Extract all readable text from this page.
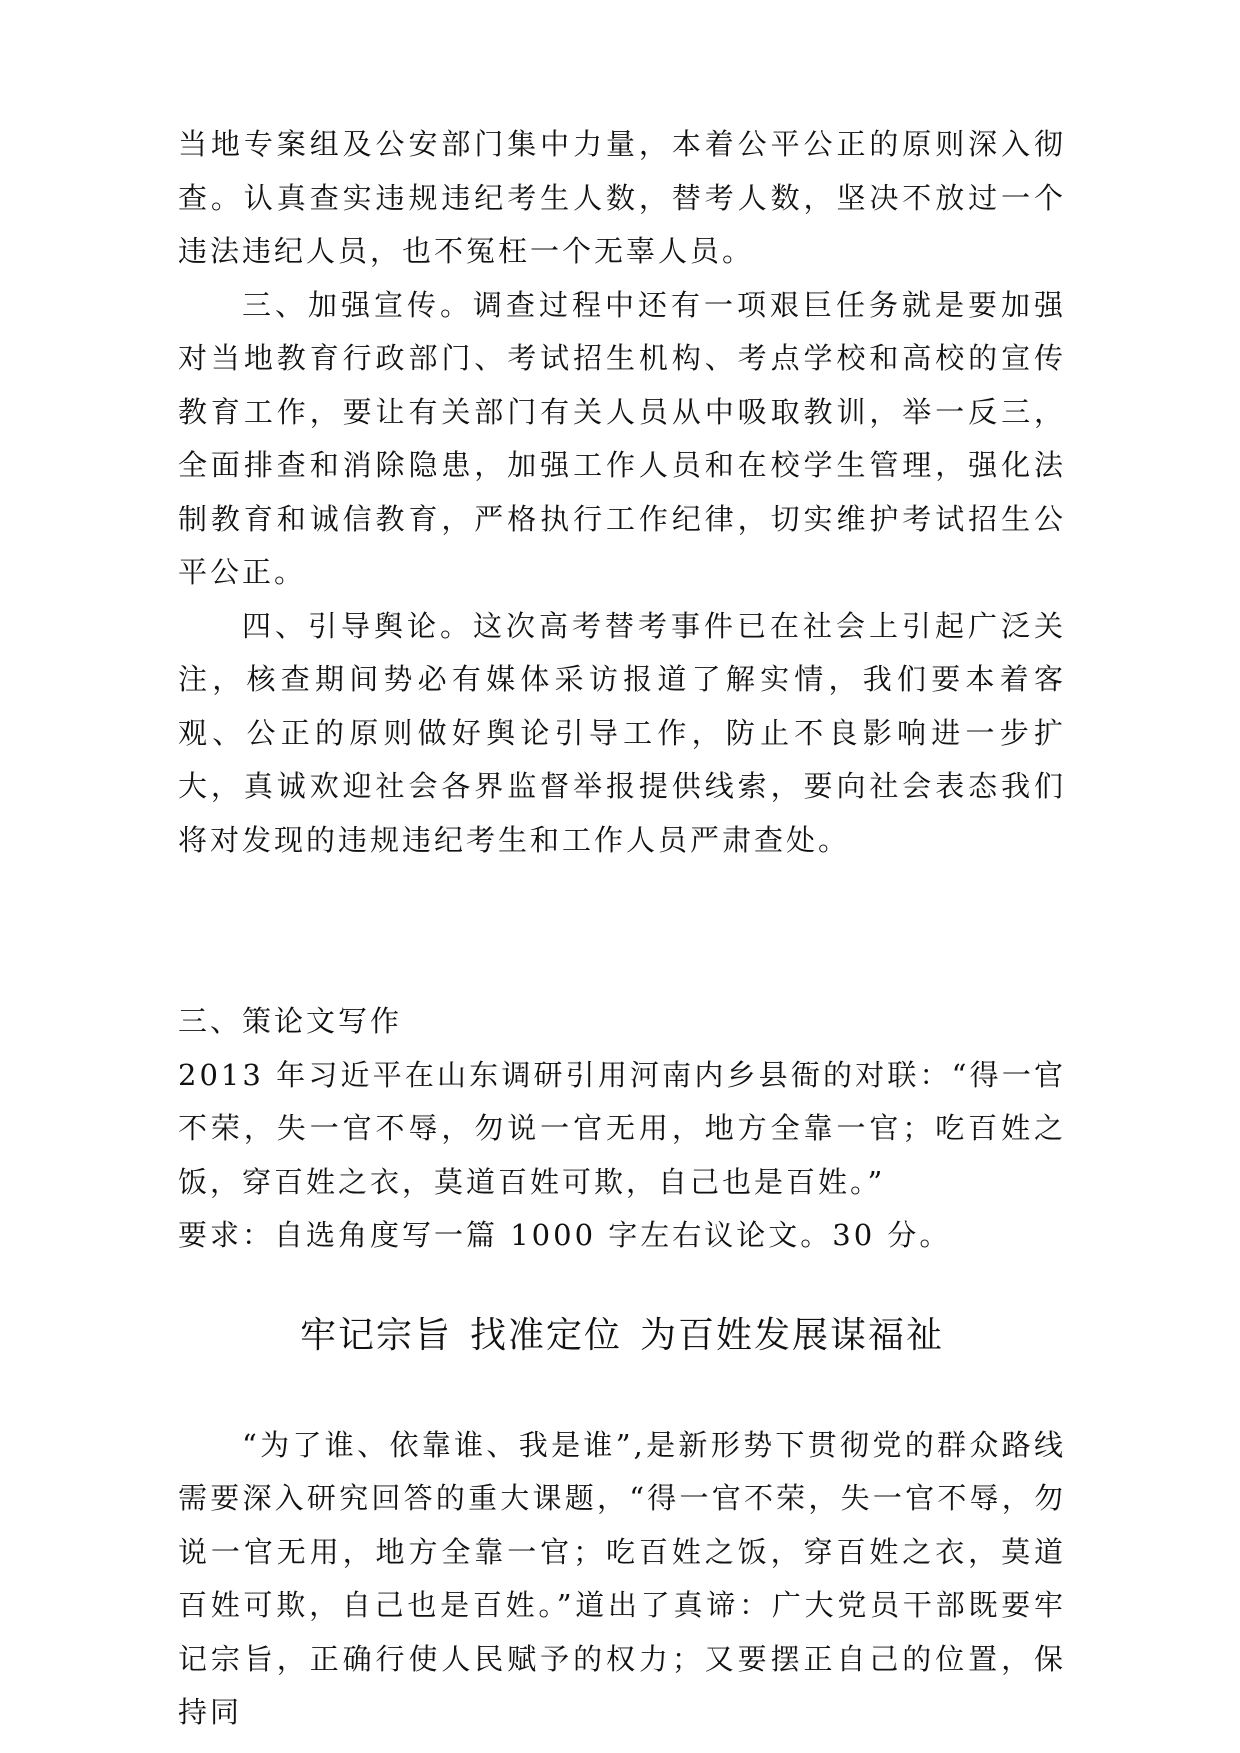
当地专案组及公安部门集中力量，本着公平公正的原则深入彻查。认真查实违规违纪考生人数，替考人数，坚决不放过一个违法违纪人员，也不冤枉一个无辜人员。

三、加强宣传。调查过程中还有一项艰巨任务就是要加强对当地教育行政部门、考试招生机构、考点学校和高校的宣传教育工作，要让有关部门有关人员从中吸取教训，举一反三，全面排查和消除隐患，加强工作人员和在校学生管理，强化法制教育和诚信教育，严格执行工作纪律，切实维护考试招生公平公正。

四、引导舆论。这次高考替考事件已在社会上引起广泛关注，核查期间势必有媒体采访报道了解实情，我们要本着客观、公正的原则做好舆论引导工作，防止不良影响进一步扩大，真诚欢迎社会各界监督举报提供线索，要向社会表态我们将对发现的违规违纪考生和工作人员严肃查处。

三、策论文写作

2013 年习近平在山东调研引用河南内乡县衙的对联：“得一官不荣，失一官不辱，勿说一官无用，地方全靠一官；吃百姓之饭，穿百姓之衣，莫道百姓可欺，自己也是百姓。”

要求：自选角度写一篇 1000 字左右议论文。30 分。

牢记宗旨 找准定位 为百姓发展谋福祉

“为了谁、依靠谁、我是谁”,是新形势下贯彻党的群众路线需要深入研究回答的重大课题，“得一官不荣，失一官不辱，勿说一官无用，地方全靠一官；吃百姓之饭，穿百姓之衣，莫道百姓可欺，自己也是百姓。”道出了真谛：广大党员干部既要牢记宗旨，正确行使人民赋予的权力；又要摆正自己的位置，保持同
